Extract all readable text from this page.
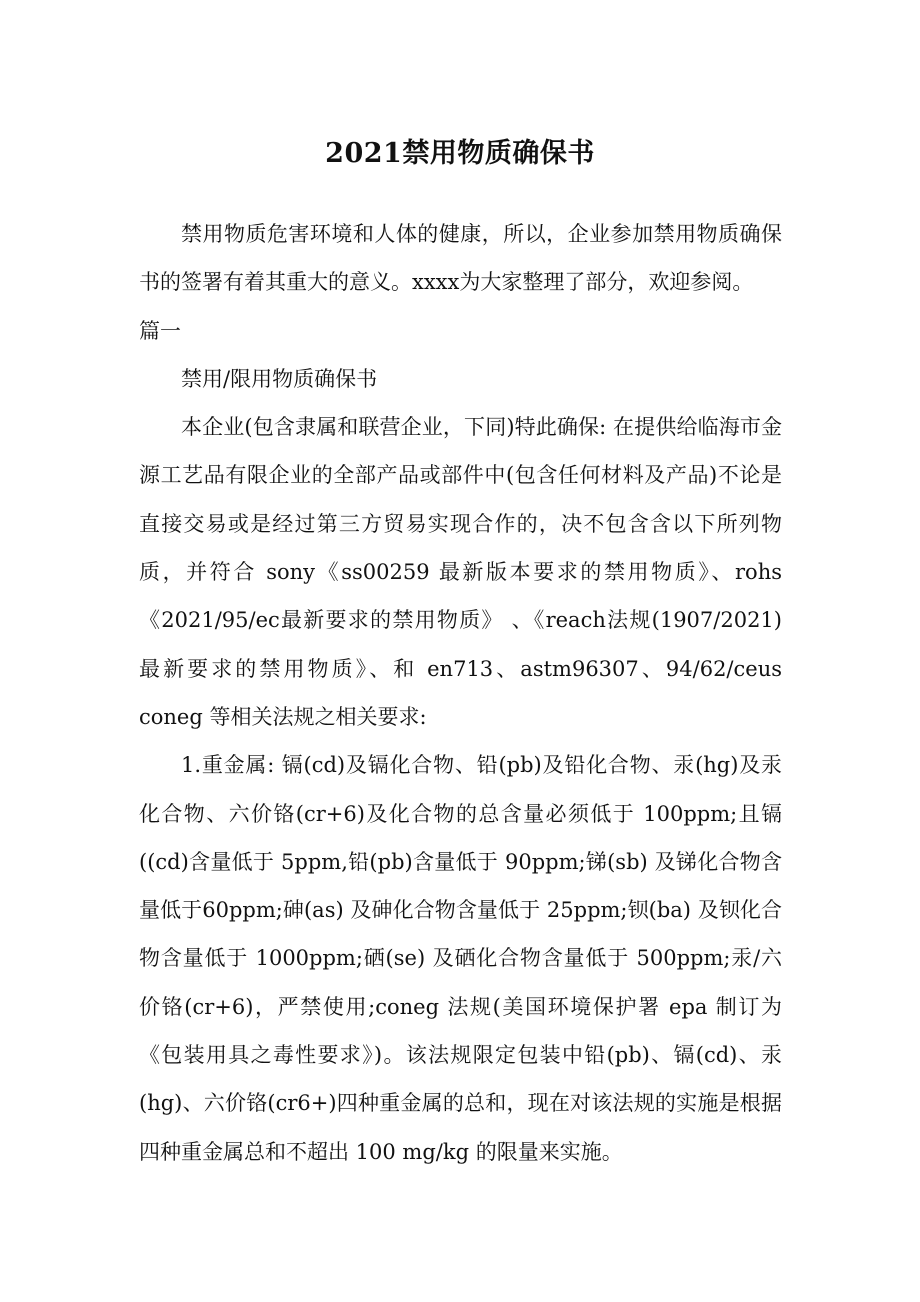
2021禁用物质确保书

禁用物质危害环境和人体的健康，所以，企业参加禁用物质确保书的签署有着其重大的意义。xxxx为大家整理了部分，欢迎参阅。

篇一

禁用/限用物质确保书

本企业(包含隶属和联营企业，下同)特此确保: 在提供给临海市金源工艺品有限企业的全部产品或部件中(包含任何材料及产品)不论是直接交易或是经过第三方贸易实现合作的，决不包含含以下所列物质，并符合 sony《ss00259 最新版本要求的禁用物质》、rohs《2021/95/ec最新要求的禁用物质》 、《reach法规(1907/2021) 最新要求的禁用物质》、和 en713、astm96307、94/62/ceus coneg 等相关法规之相关要求:

1.重金属: 镉(cd)及镉化合物、铅(pb)及铅化合物、汞(hg)及汞化合物、六价铬(cr+6)及化合物的总含量必须低于 100ppm;且镉((cd)含量低于 5ppm,铅(pb)含量低于 90ppm;锑(sb) 及锑化合物含量低于60ppm;砷(as) 及砷化合物含量低于 25ppm;钡(ba) 及钡化合物含量低于 1000ppm;硒(se) 及硒化合物含量低于 500ppm;汞/六价铬(cr+6)，严禁使用;coneg 法规(美国环境保护署 epa 制订为《包装用具之毒性要求》)。该法规限定包装中铅(pb)、镉(cd)、汞(hg)、六价铬(cr6+)四种重金属的总和，现在对该法规的实施是根据四种重金属总和不超出 100 mg/kg 的限量来实施。
